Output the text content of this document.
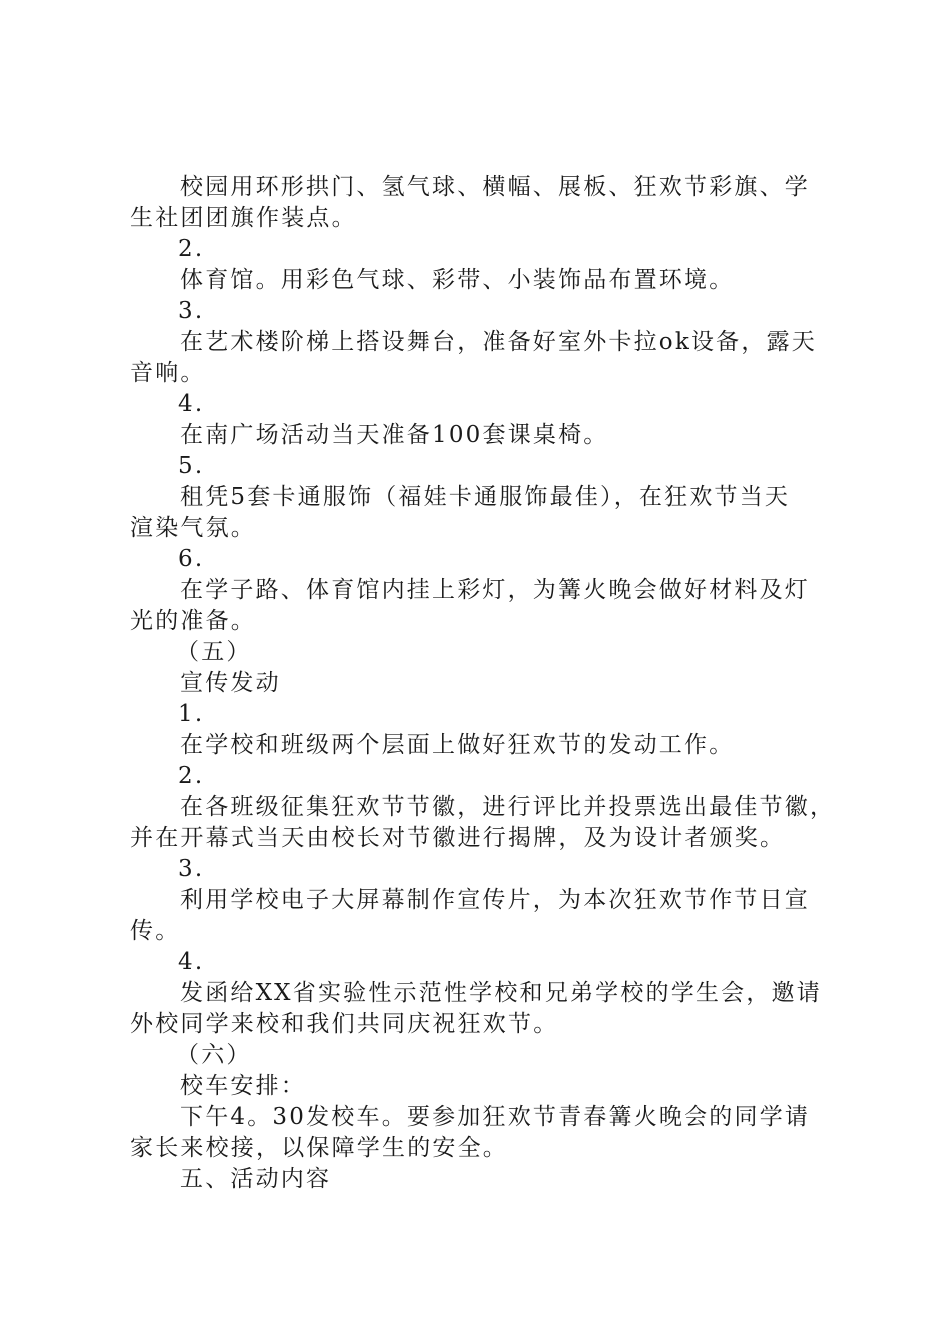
校园用环形拱门、氢气球、横幅、展板、狂欢节彩旗、学
生社团团旗作装点。
2.
体育馆。用彩色气球、彩带、小装饰品布置环境。
3.
在艺术楼阶梯上搭设舞台，准备好室外卡拉ok设备，露天
音响。
4.
在南广场活动当天准备100套课桌椅。
5.
租凭5套卡通服饰（福娃卡通服饰最佳），在狂欢节当天
渲染气氛。
6.
在学子路、体育馆内挂上彩灯，为篝火晚会做好材料及灯
光的准备。
（五）
宣传发动
1.
在学校和班级两个层面上做好狂欢节的发动工作。
2.
在各班级征集狂欢节节徽，进行评比并投票选出最佳节徽，
并在开幕式当天由校长对节徽进行揭牌，及为设计者颁奖。
3.
利用学校电子大屏幕制作宣传片，为本次狂欢节作节日宣
传。
4.
发函给XX省实验性示范性学校和兄弟学校的学生会，邀请
外校同学来校和我们共同庆祝狂欢节。
（六）
校车安排：
下午4。30发校车。要参加狂欢节青春篝火晚会的同学请
家长来校接，以保障学生的安全。
五、活动内容
